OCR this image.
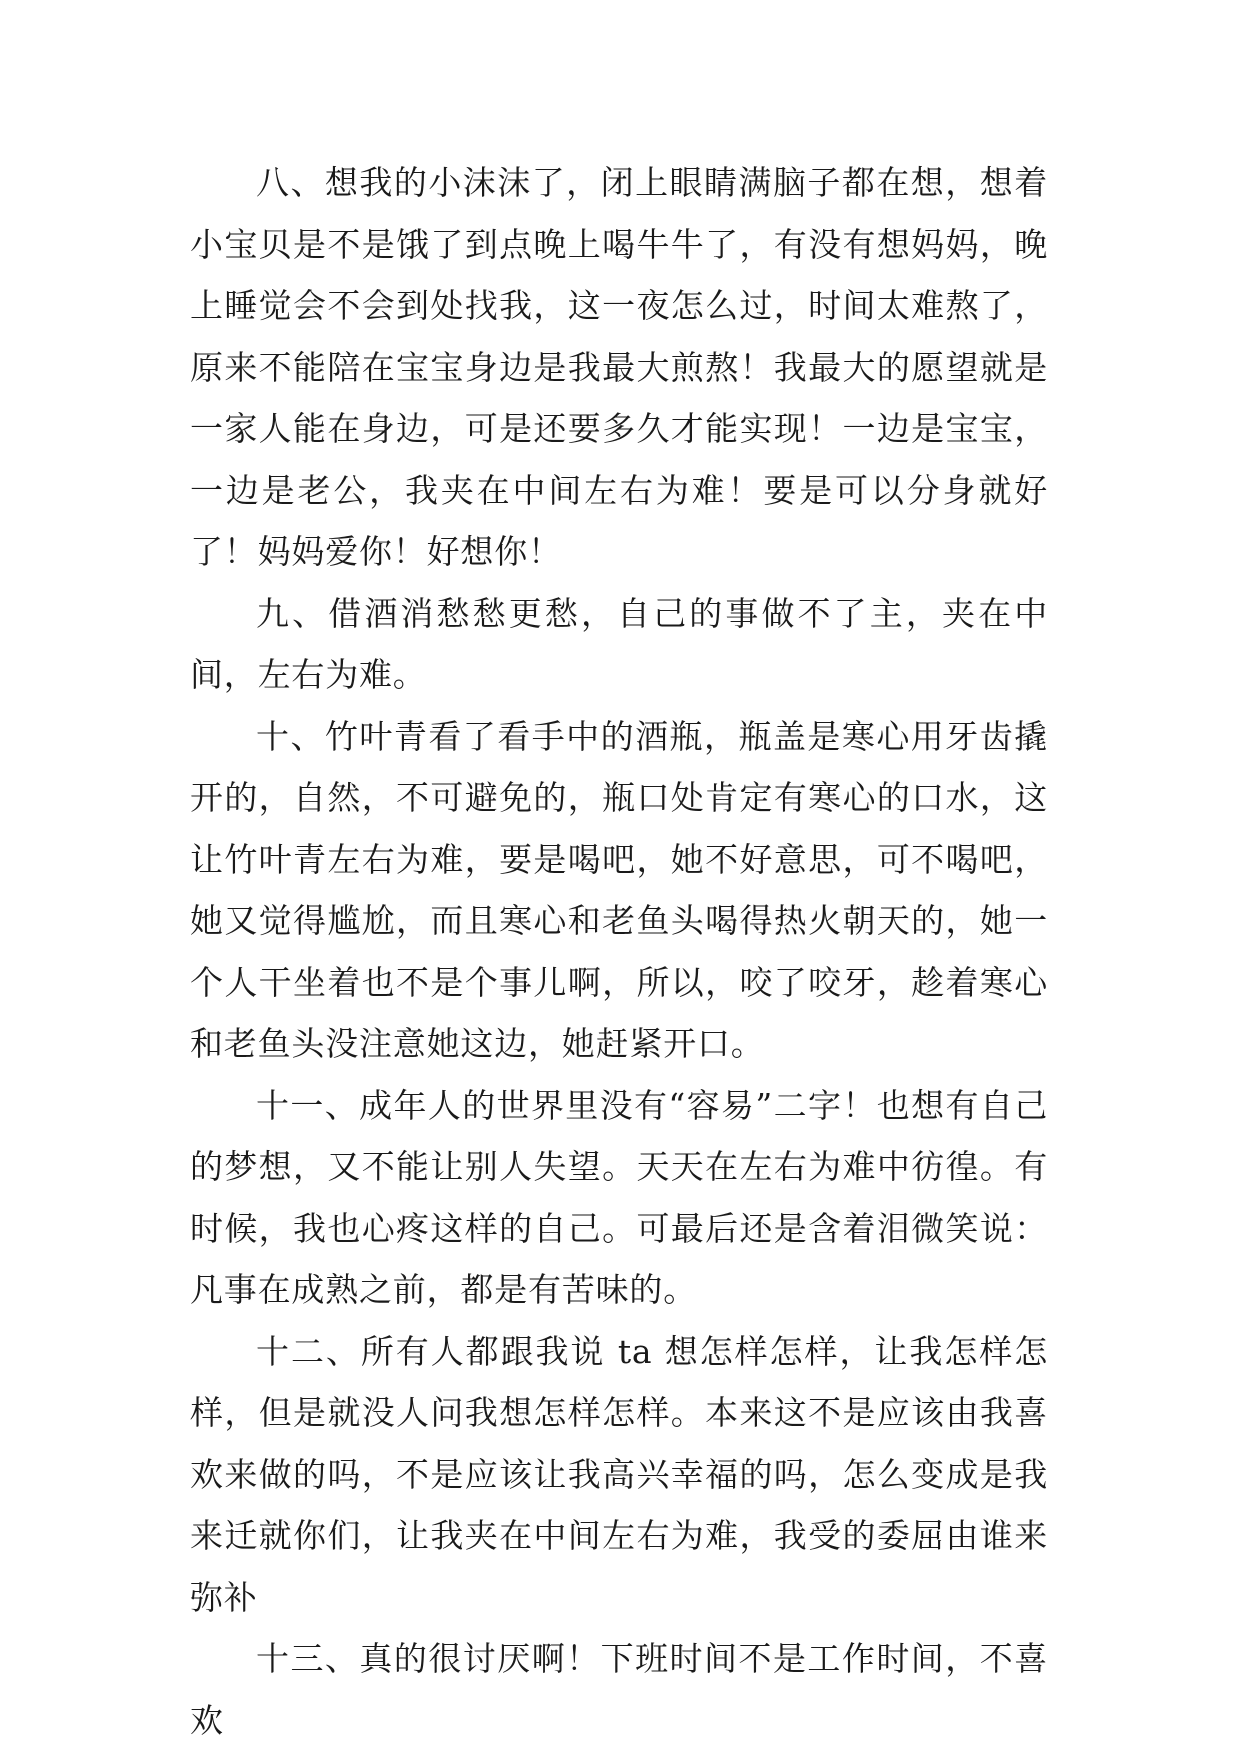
八、想我的小沫沫了，闭上眼睛满脑子都在想，想着小宝贝是不是饿了到点晚上喝牛牛了，有没有想妈妈，晚上睡觉会不会到处找我，这一夜怎么过，时间太难熬了，原来不能陪在宝宝身边是我最大煎熬！我最大的愿望就是一家人能在身边，可是还要多久才能实现！一边是宝宝，一边是老公，我夹在中间左右为难！要是可以分身就好了！妈妈爱你！好想你！

九、借酒消愁愁更愁，自己的事做不了主，夹在中间，左右为难。

十、竹叶青看了看手中的酒瓶，瓶盖是寒心用牙齿撬开的，自然，不可避免的，瓶口处肯定有寒心的口水，这让竹叶青左右为难，要是喝吧，她不好意思，可不喝吧，她又觉得尴尬，而且寒心和老鱼头喝得热火朝天的，她一个人干坐着也不是个事儿啊，所以，咬了咬牙，趁着寒心和老鱼头没注意她这边，她赶紧开口。

十一、成年人的世界里没有“容易”二字！也想有自己的梦想，又不能让别人失望。天天在左右为难中彷徨。有时候，我也心疼这样的自己。可最后还是含着泪微笑说：凡事在成熟之前，都是有苦味的。

十二、所有人都跟我说 ta 想怎样怎样，让我怎样怎样，但是就没人问我想怎样怎样。本来这不是应该由我喜欢来做的吗，不是应该让我高兴幸福的吗，怎么变成是我来迁就你们，让我夹在中间左右为难，我受的委屈由谁来弥补

十三、真的很讨厌啊！下班时间不是工作时间，不喜欢
